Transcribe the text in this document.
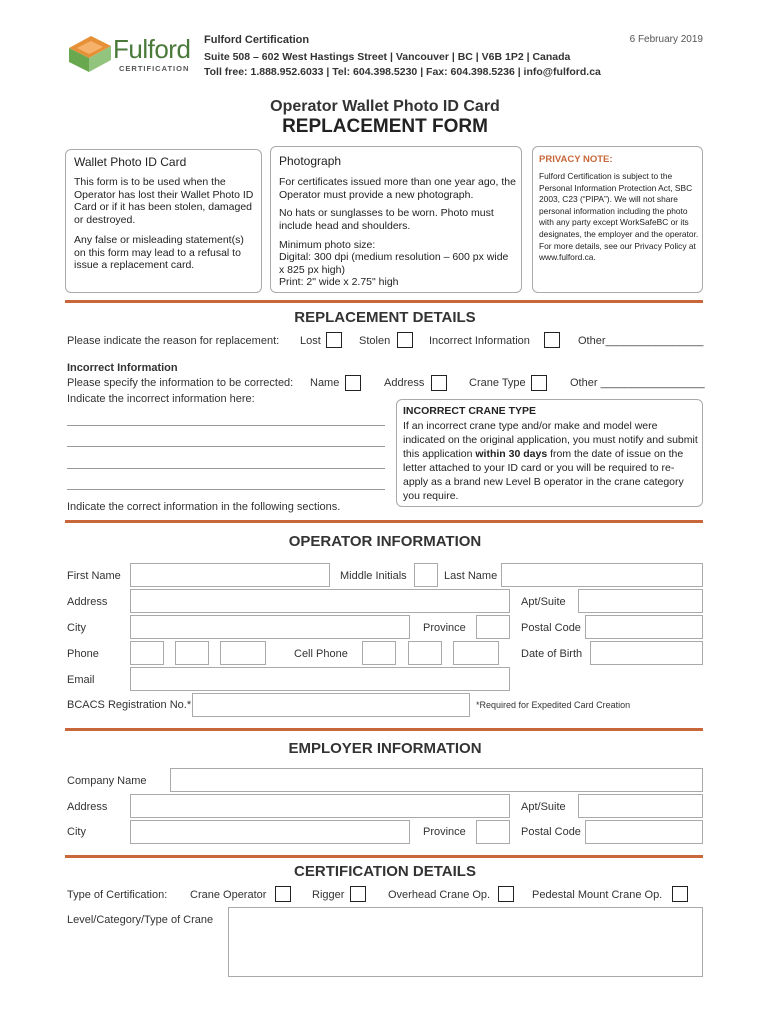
Fulford
CERTIFICATION
Fulford Certification	6 February 2019
Suite 508 – 602 West Hastings Street | Vancouver | BC | V6B 1P2 | Canada
Toll free: 1.888.952.6033 | Tel: 604.398.5230 | Fax: 604.398.5236 | info@fulford.ca
Operator Wallet Photo ID Card
REPLACEMENT FORM
Wallet Photo ID Card
This form is to be used when the Operator has lost their Wallet Photo ID Card or if it has been stolen, damaged or destroyed.
Any false or misleading statement(s) on this form may lead to a refusal to issue a replacement card.
Photograph
For certificates issued more than one year ago, the Operator must provide a new photograph.
No hats or sunglasses to be worn. Photo must include head and shoulders.
Minimum photo size:
Digital: 300 dpi (medium resolution – 600 px wide x 825 px high)
Print: 2" wide x 2.75" high
PRIVACY NOTE:
Fulford Certification is subject to the Personal Information Protection Act, SBC 2003, C23 (“PIPA”). We will not share personal information including the photo with any party except WorkSafeBC or its designates, the employer and the operator. For more details, see our Privacy Policy at www.fulford.ca.
REPLACEMENT DETAILS
Please indicate the reason for replacement: Lost	Stolen	Incorrect Information	Other________________
Incorrect Information
Please specify the information to be corrected: Name	Address	Crane Type	Other _________________
Indicate the incorrect information here:
Indicate the correct information in the following sections.
INCORRECT CRANE TYPE
If an incorrect crane type and/or make and model were indicated on the original application, you must notify and submit this application within 30 days from the date of issue on the letter attached to your ID card or you will be required to re-apply as a brand new Level B operator in the crane category you require.
OPERATOR INFORMATION
First Name	Middle Initials	Last Name
Address	Apt/Suite
City	Province	Postal Code
Phone	Cell Phone	Date of Birth
Email
BCACS Registration No.*	*Required for Expedited Card Creation
EMPLOYER INFORMATION
Company Name
Address	Apt/Suite
City	Province	Postal Code
CERTIFICATION DETAILS
Type of Certification: Crane Operator	Rigger	Overhead Crane Op.	Pedestal Mount Crane Op.
Level/Category/Type of Crane
